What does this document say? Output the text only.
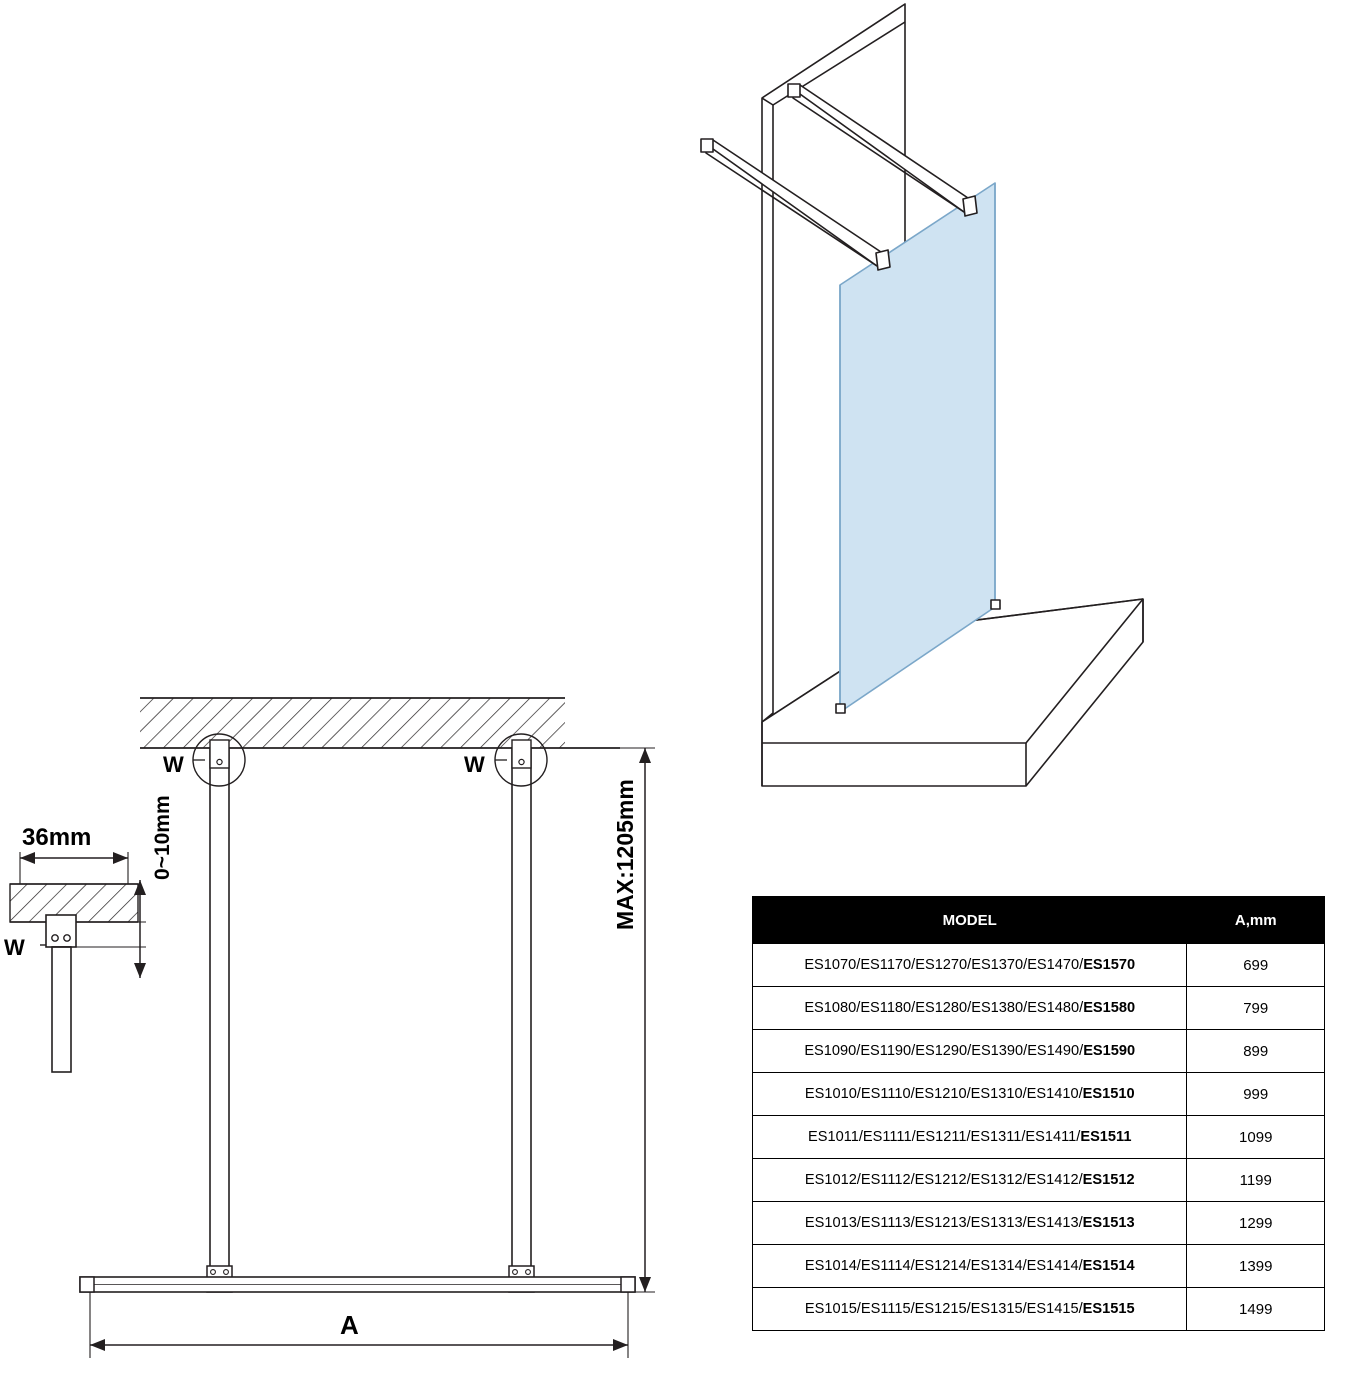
36mm	0~10mm
W
W	W
MAX:1205mm
A
MODEL	A,mm
ES1070/ES1170/ES1270/ES1370/ES1470/ES1570	699
ES1080/ES1180/ES1280/ES1380/ES1480/ES1580	799
ES1090/ES1190/ES1290/ES1390/ES1490/ES1590	899
ES1010/ES1110/ES1210/ES1310/ES1410/ES1510	999
ES1011/ES1111/ES1211/ES1311/ES1411/ES1511	1099
ES1012/ES1112/ES1212/ES1312/ES1412/ES1512	1199
ES1013/ES1113/ES1213/ES1313/ES1413/ES1513	1299
ES1014/ES1114/ES1214/ES1314/ES1414/ES1514	1399
ES1015/ES1115/ES1215/ES1315/ES1415/ES1515	1499
